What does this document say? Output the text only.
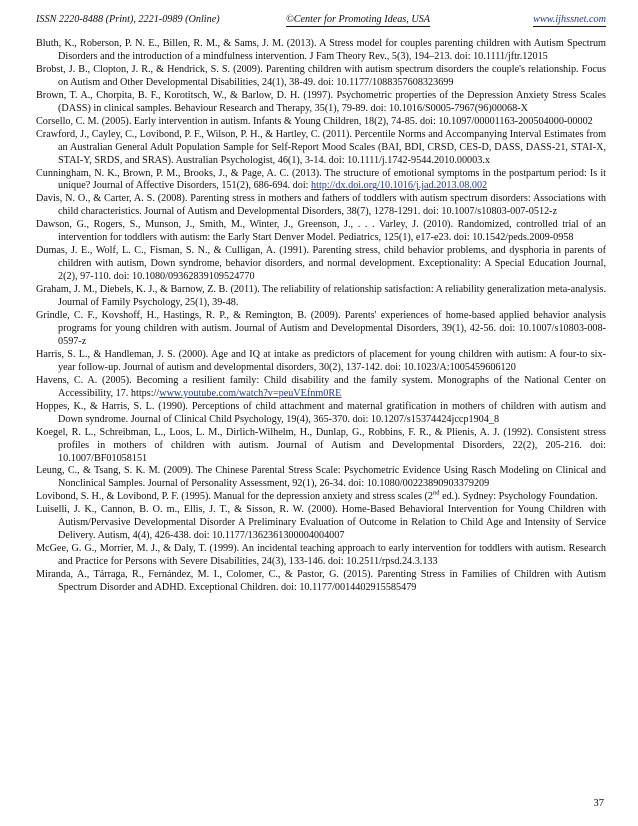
ISSN 2220-8488 (Print), 2221-0989 (Online)	©Center for Promoting Ideas, USA	www.ijhssnet.com

Bluth, K., Roberson, P. N. E., Billen, R. M., & Sams, J. M. (2013). A Stress model for couples parenting children with Autism Spectrum Disorders and the introduction of a mindfulness intervention. J Fam Theory Rev., 5(3), 194–213. doi: 10.1111/jftr.12015

Brobst, J. B., Clopton, J. R., & Hendrick, S. S. (2009). Parenting children with autism spectrum disorders the couple's relationship. Focus on Autism and Other Developmental Disabilities, 24(1), 38-49. doi: 10.1177/1088357608323699

Brown, T. A., Chorpita, B. F., Korotitsch, W., & Barlow, D. H. (1997). Psychometric properties of the Depression Anxiety Stress Scales (DASS) in clinical samples. Behaviour Research and Therapy, 35(1), 79-89. doi: 10.1016/S0005-7967(96)00068-X

Corsello, C. M. (2005). Early intervention in autism. Infants & Young Children, 18(2), 74-85. doi: 10.1097/00001163-200504000-00002

Crawford, J., Cayley, C., Lovibond, P. F., Wilson, P. H., & Hartley, C. (2011). Percentile Norms and Accompanying Interval Estimates from an Australian General Adult Population Sample for Self-Report Mood Scales (BAI, BDI, CRSD, CES-D, DASS, DASS-21, STAI-X, STAI-Y, SRDS, and SRAS). Australian Psychologist, 46(1), 3-14. doi: 10.1111/j.1742-9544.2010.00003.x

Cunningham, N. K., Brown, P. M., Brooks, J., & Page, A. C. (2013). The structure of emotional symptoms in the postpartum period: Is it unique? Journal of Affective Disorders, 151(2), 686-694. doi: http://dx.doi.org/10.1016/j.jad.2013.08.002

Davis, N. O., & Carter, A. S. (2008). Parenting stress in mothers and fathers of toddlers with autism spectrum disorders: Associations with child characteristics. Journal of Autism and Developmental Disorders, 38(7), 1278-1291. doi: 10.1007/s10803-007-0512-z

Dawson, G., Rogers, S., Munson, J., Smith, M., Winter, J., Greenson, J., . . . Varley, J. (2010). Randomized, controlled trial of an intervention for toddlers with autism: the Early Start Denver Model. Pediatrics, 125(1), e17-e23. doi: 10.1542/peds.2009-0958

Dumas, J. E., Wolf, L. C., Fisman, S. N., & Culligan, A. (1991). Parenting stress, child behavior problems, and dysphoria in parents of children with autism, Down syndrome, behavior disorders, and normal development. Exceptionality: A Special Education Journal, 2(2), 97-110. doi: 10.1080/09362839109524770

Graham, J. M., Diebels, K. J., & Barnow, Z. B. (2011). The reliability of relationship satisfaction: A reliability generalization meta-analysis. Journal of Family Psychology, 25(1), 39-48.

Grindle, C. F., Kovshoff, H., Hastings, R. P., & Remington, B. (2009). Parents' experiences of home-based applied behavior analysis programs for young children with autism. Journal of Autism and Developmental Disorders, 39(1), 42-56. doi: 10.1007/s10803-008-0597-z

Harris, S. L., & Handleman, J. S. (2000). Age and IQ at intake as predictors of placement for young children with autism: A four-to six-year follow-up. Journal of autism and developmental disorders, 30(2), 137-142. doi: 10.1023/A:1005459606120

Havens, C. A. (2005). Becoming a resilient family: Child disability and the family system. Monographs of the National Center on Accessibility, 17. https://www.youtube.com/watch?v=peuVEfnm0RE

Hoppes, K., & Harris, S. L. (1990). Perceptions of child attachment and maternal gratification in mothers of children with autism and Down syndrome. Journal of Clinical Child Psychology, 19(4), 365-370. doi: 10.1207/s15374424jccp1904_8

Koegel, R. L., Schreibman, L., Loos, L. M., Dirlich-Wilhelm, H., Dunlap, G., Robbins, F. R., & Plienis, A. J. (1992). Consistent stress profiles in mothers of children with autism. Journal of Autism and Developmental Disorders, 22(2), 205-216. doi: 10.1007/BF01058151

Leung, C., & Tsang, S. K. M. (2009). The Chinese Parental Stress Scale: Psychometric Evidence Using Rasch Modeling on Clinical and Nonclinical Samples. Journal of Personality Assessment, 92(1), 26-34. doi: 10.1080/00223890903379209

Lovibond, S. H., & Lovibond, P. F. (1995). Manual for the depression anxiety and stress scales (2nd ed.). Sydney: Psychology Foundation.

Luiselli, J. K., Cannon, B. O. m., Ellis, J. T., & Sisson, R. W. (2000). Home-Based Behavioral Intervention for Young Children with Autism/Pervasive Developmental Disorder A Preliminary Evaluation of Outcome in Relation to Child Age and Intensity of Service Delivery. Autism, 4(4), 426-438. doi: 10.1177/1362361300004004007

McGee, G. G., Morrier, M. J., & Daly, T. (1999). An incidental teaching approach to early intervention for toddlers with autism. Research and Practice for Persons with Severe Disabilities, 24(3), 133-146. doi: 10.2511/rpsd.24.3.133

Miranda, A., Tárraga, R., Fernández, M. I., Colomer, C., & Pastor, G. (2015). Parenting Stress in Families of Children with Autism Spectrum Disorder and ADHD. Exceptional Children. doi: 10.1177/0014402915585479

37
